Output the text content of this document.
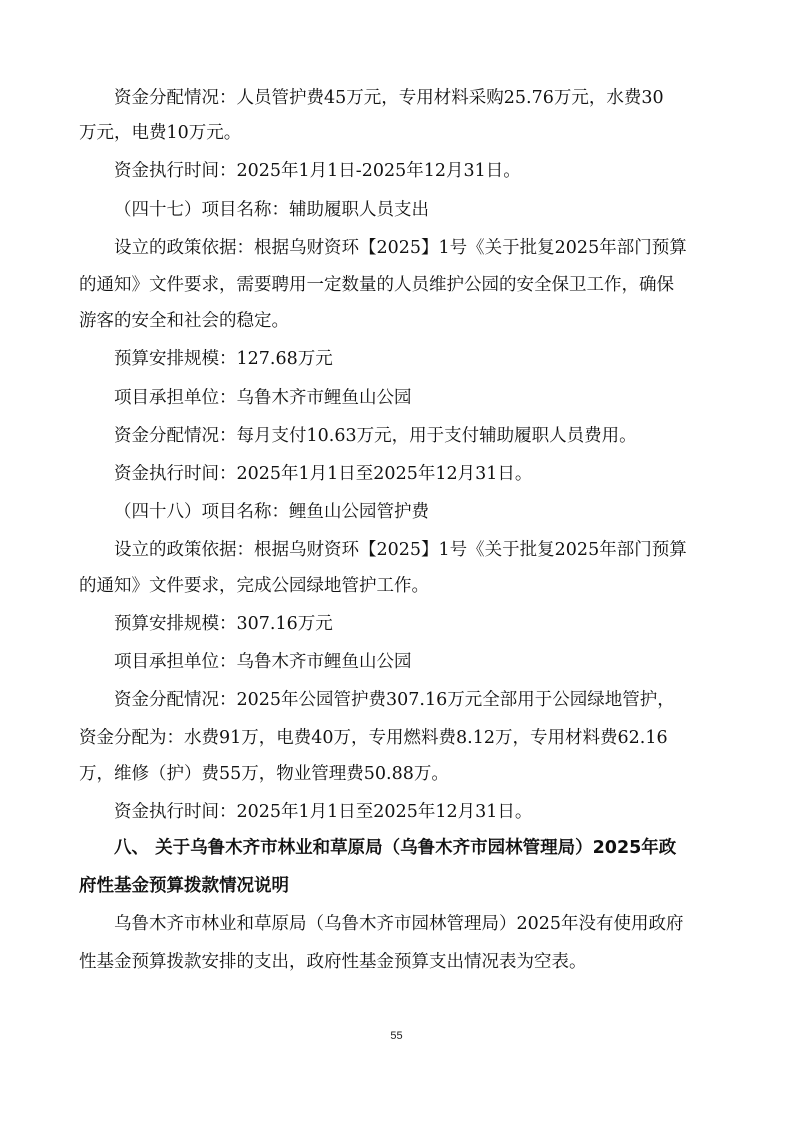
资金分配情况：人员管护费45万元，专用材料采购25.76万元，水费30
万元，电费10万元。
资金执行时间：2025年1月1日-2025年12月31日。
（四十七）项目名称：辅助履职人员支出
设立的政策依据：根据乌财资环【2025】1号《关于批复2025年部门预算
的通知》文件要求，需要聘用一定数量的人员维护公园的安全保卫工作，确保
游客的安全和社会的稳定。
预算安排规模：127.68万元
项目承担单位：乌鲁木齐市鲤鱼山公园
资金分配情况：每月支付10.63万元，用于支付辅助履职人员费用。
资金执行时间：2025年1月1日至2025年12月31日。
（四十八）项目名称：鲤鱼山公园管护费
设立的政策依据：根据乌财资环【2025】1号《关于批复2025年部门预算
的通知》文件要求，完成公园绿地管护工作。
预算安排规模：307.16万元
项目承担单位：乌鲁木齐市鲤鱼山公园
资金分配情况：2025年公园管护费307.16万元全部用于公园绿地管护，
资金分配为：水费91万，电费40万，专用燃料费8.12万，专用材料费62.16
万，维修（护）费55万，物业管理费50.88万。
资金执行时间：2025年1月1日至2025年12月31日。
八、 关于乌鲁木齐市林业和草原局（乌鲁木齐市园林管理局）2025年政
府性基金预算拨款情况说明
乌鲁木齐市林业和草原局（乌鲁木齐市园林管理局）2025年没有使用政府
性基金预算拨款安排的支出，政府性基金预算支出情况表为空表。
55
